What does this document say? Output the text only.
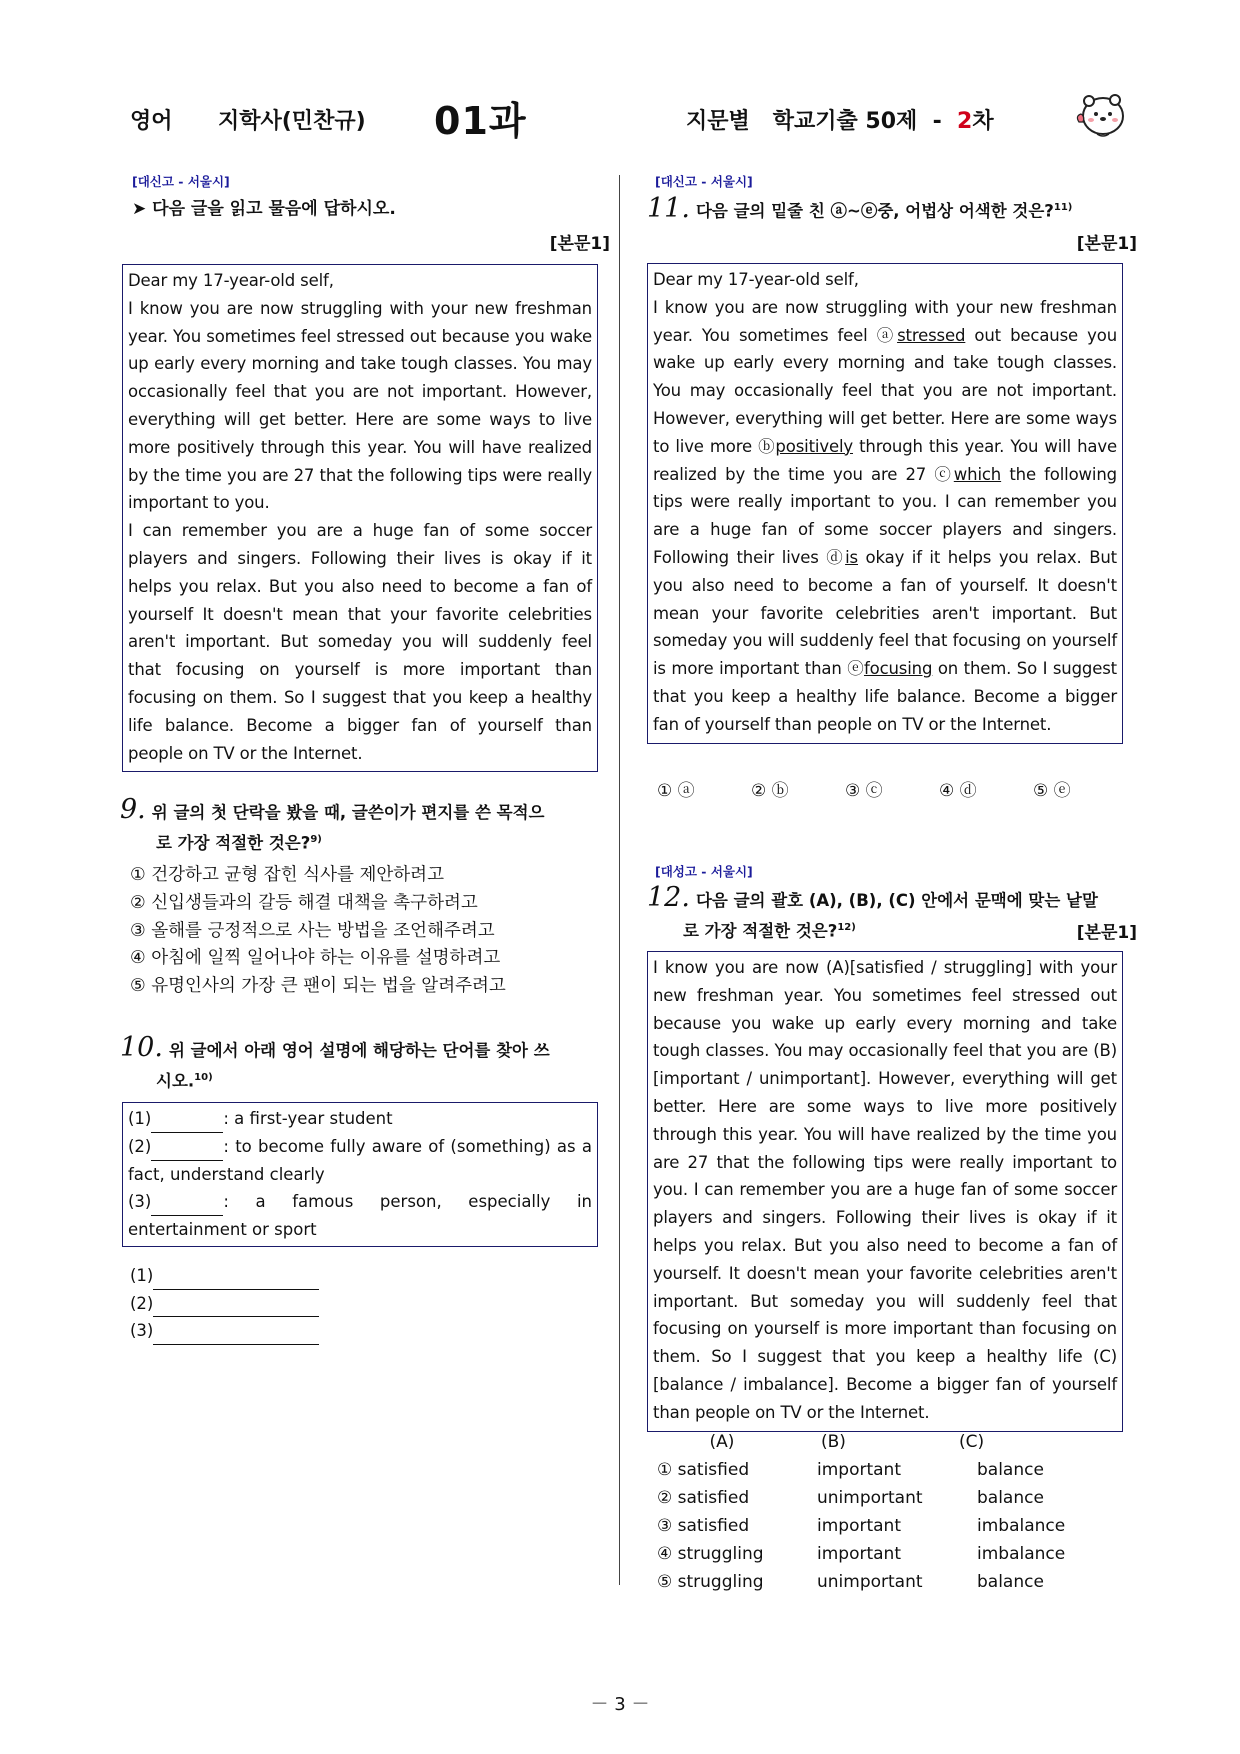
영어 지학사(민찬규) 01과	지문별   학교기출 50제  -  2차
[대신고 - 서울시]
➤ 다음 글을 읽고 물음에 답하시오.
[본문1]

Dear my 17-year-old self,

I know you are now struggling with your new freshman year. You sometimes feel stressed out because you wake up early every morning and take tough classes. You may occasionally feel that you are not important. However, everything will get better. Here are some ways to live more positively through this year. You will have realized by the time you are 27 that the following tips were really important to you.

I can remember you are a huge fan of some soccer players and singers. Following their lives is okay if it helps you relax. But you also need to become a fan of yourself It doesn't mean that your favorite celebrities aren't important. But someday you will suddenly feel that focusing on yourself is more important than focusing on them. So I suggest that you keep a healthy life balance. Become a bigger fan of yourself than people on TV or the Internet.

9. 위 글의 첫 단락을 봤을 때, 글쓴이가 편지를 쓴 목적으
로 가장 적절한 것은?$^{9)}$
① 건강하고 균형 잡힌 식사를 제안하려고
② 신입생들과의 갈등 해결 대책을 촉구하려고
③ 올해를 긍정적으로 사는 방법을 조언해주려고
④ 아침에 일찍 일어나야 하는 이유를 설명하려고
⑤ 유명인사의 가장 큰 팬이 되는 법을 알려주려고
10. 위 글에서 아래 영어 설명에 해당하는 단어를 찾아 쓰
시오.$^{10)}$
(1)	: a first-year student
(2)	: to become fully aware of (something) as a fact, understand clearly
(3)	: a famous person, especially in entertainment or sport
(1)
(2)
(3)
[대신고 - 서울시]
11. 다음 글의 밑줄 친 ⓐ~ⓔ중, 어법상 어색한 것은?$^{11)}$
[본문1]

Dear my 17-year-old self,

I know you are now struggling with your new freshman year. You sometimes feel ⓐstressed out because you wake up early every morning and take tough classes. You may occasionally feel that you are not important. However, everything will get better. Here are some ways to live more ⓑpositively through this year. You will have realized by the time you are 27 ⓒwhich the following tips were really important to you. I can remember you are a huge fan of some soccer players and singers. Following their lives ⓓis okay if it helps you relax. But you also need to become a fan of yourself. It doesn't mean your favorite celebrities aren't important. But someday you will suddenly feel that focusing on yourself is more important than ⓔfocusing on them. So I suggest that you keep a healthy life balance. Become a bigger fan of yourself than people on TV or the Internet.

① ⓐ	② ⓑ	③ ⓒ	④ ⓓ	⑤ ⓔ
[대성고 - 서울시]
12. 다음 글의 괄호 (A), (B), (C) 안에서 문맥에 맞는 낱말
로 가장 적절한 것은?$^{12)}$	[본문1]

I know you are now (A)[satisfied / struggling] with your new freshman year. You sometimes feel stressed out because you wake up early every morning and take tough classes. You may occasionally feel that you are (B)[important / unimportant]. However, everything will get better. Here are some ways to live more positively through this year. You will have realized by the time you are 27 that the following tips were really important to you. I can remember you are a huge fan of some soccer players and singers. Following their lives is okay if it helps you relax. But you also need to become a fan of yourself. It doesn't mean your favorite celebrities aren't important. But someday you will suddenly feel that focusing on yourself is more important than focusing on them. So I suggest that you keep a healthy life (C)[balance / imbalance]. Become a bigger fan of yourself than people on TV or the Internet.

(A)	(B)	(C)
① satisfied	important	balance
② satisfied	unimportant	balance
③ satisfied	important	imbalance
④ struggling	important	imbalance
⑤ struggling	unimportant	balance
－ 3 －
